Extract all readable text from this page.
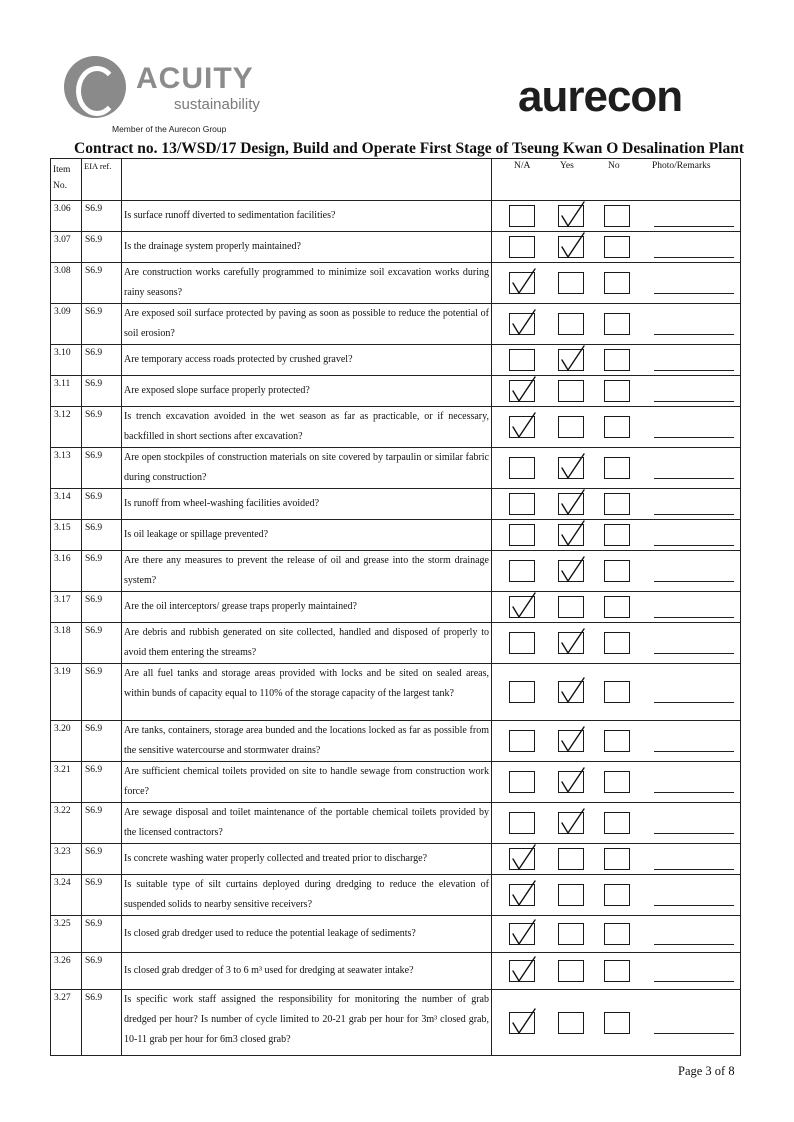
ACUITY
sustainability
Member of the Aurecon Group
aurecon
Contract no. 13/WSD/17 Design, Build and Operate First Stage of Tseung Kwan O Desalination Plant
Item No.	EIA ref.		N/A Yes No Photo/Remarks

3.06	S6.9	Is surface runoff diverted to sedimentation facilities?	

3.07	S6.9	Is the drainage system properly maintained?	

3.08	S6.9	Are construction works carefully programmed to minimize soil excavation works during rainy seasons?	

3.09	S6.9	Are exposed soil surface protected by paving as soon as possible to reduce the potential of soil erosion?	

3.10	S6.9	Are temporary access roads protected by crushed gravel?	

3.11	S6.9	Are exposed slope surface properly protected?	

3.12	S6.9	Is trench excavation avoided in the wet season as far as practicable, or if necessary, backfilled in short sections after excavation?	

3.13	S6.9	Are open stockpiles of construction materials on site covered by tarpaulin or similar fabric during construction?	

3.14	S6.9	Is runoff from wheel-washing facilities avoided?	

3.15	S6.9	Is oil leakage or spillage prevented?	

3.16	S6.9	Are there any measures to prevent the release of oil and grease into the storm drainage system?	

3.17	S6.9	Are the oil interceptors/ grease traps properly maintained?	

3.18	S6.9	Are debris and rubbish generated on site collected, handled and disposed of properly to avoid them entering the streams?	

3.19	S6.9	Are all fuel tanks and storage areas provided with locks and be sited on sealed areas, within bunds of capacity equal to 110% of the storage capacity of the largest tank?	

3.20	S6.9	Are tanks, containers, storage area bunded and the locations locked as far as possible from the sensitive watercourse and stormwater drains?	

3.21	S6.9	Are sufficient chemical toilets provided on site to handle sewage from construction work force?	

3.22	S6.9	Are sewage disposal and toilet maintenance of the portable chemical toilets provided by the licensed contractors?	

3.23	S6.9	Is concrete washing water properly collected and treated prior to discharge?	

3.24	S6.9	Is suitable type of silt curtains deployed during dredging to reduce the elevation of suspended solids to nearby sensitive receivers?	

3.25	S6.9	Is closed grab dredger used to reduce the potential leakage of sediments?	

3.26	S6.9	Is closed grab dredger of 3 to 6 m³ used for dredging at seawater intake?	

3.27	S6.9	Is specific work staff assigned the responsibility for monitoring the number of grab dredged per hour? Is number of cycle limited to 20-21 grab per hour for 3m³ closed grab, 10-11 grab per hour for 6m3 closed grab?	
Page 3 of 8
